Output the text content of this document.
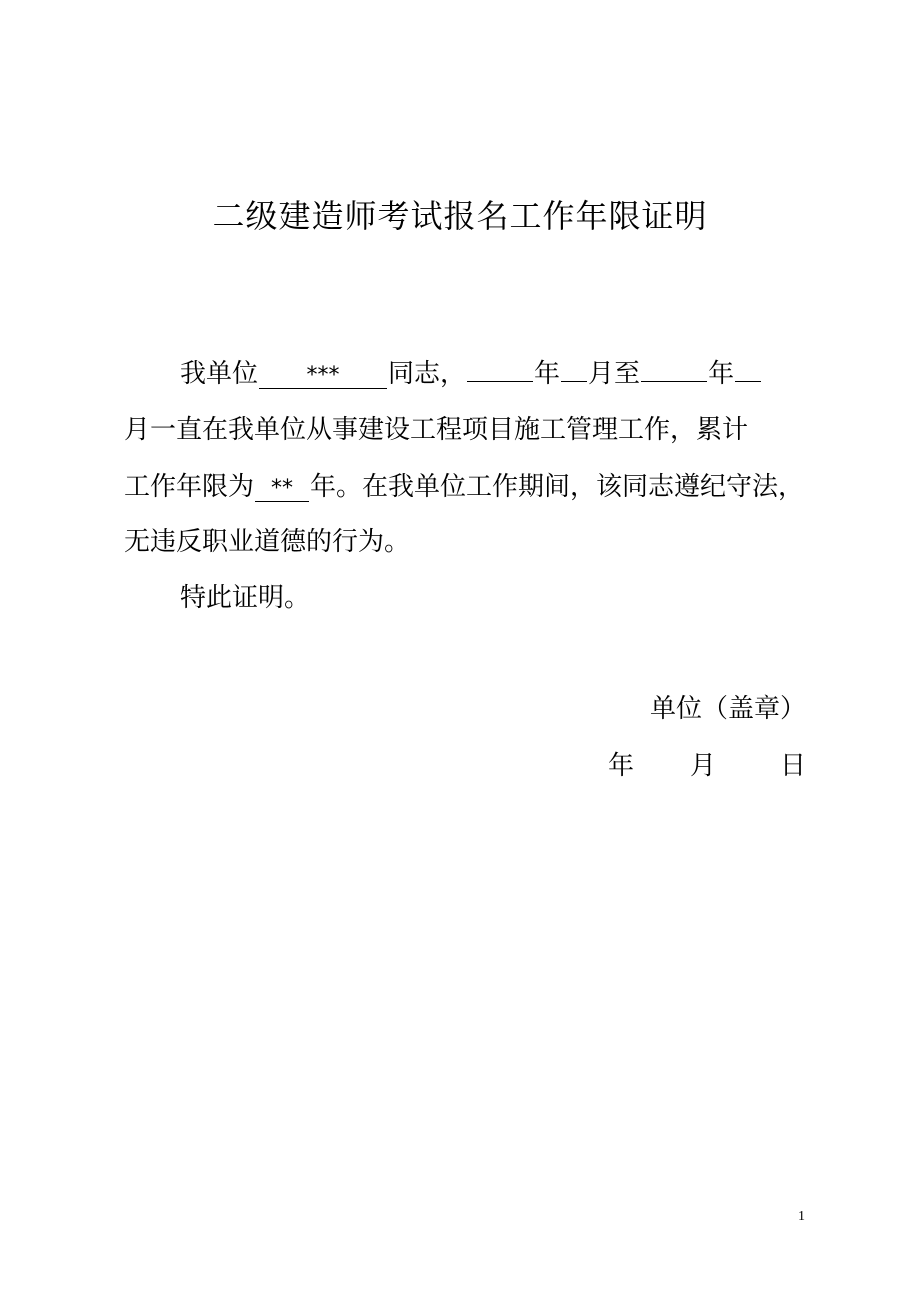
二级建造师考试报名工作年限证明
我单位 *** 同志，	年 月至	年
月一直在我单位从事建设工程项目施工管理工作，累计
工作年限为 ** 年。在我单位工作期间，该同志遵纪守法，
无违反职业道德的行为。
特此证明。
单位（盖章）
年 月 日
1
